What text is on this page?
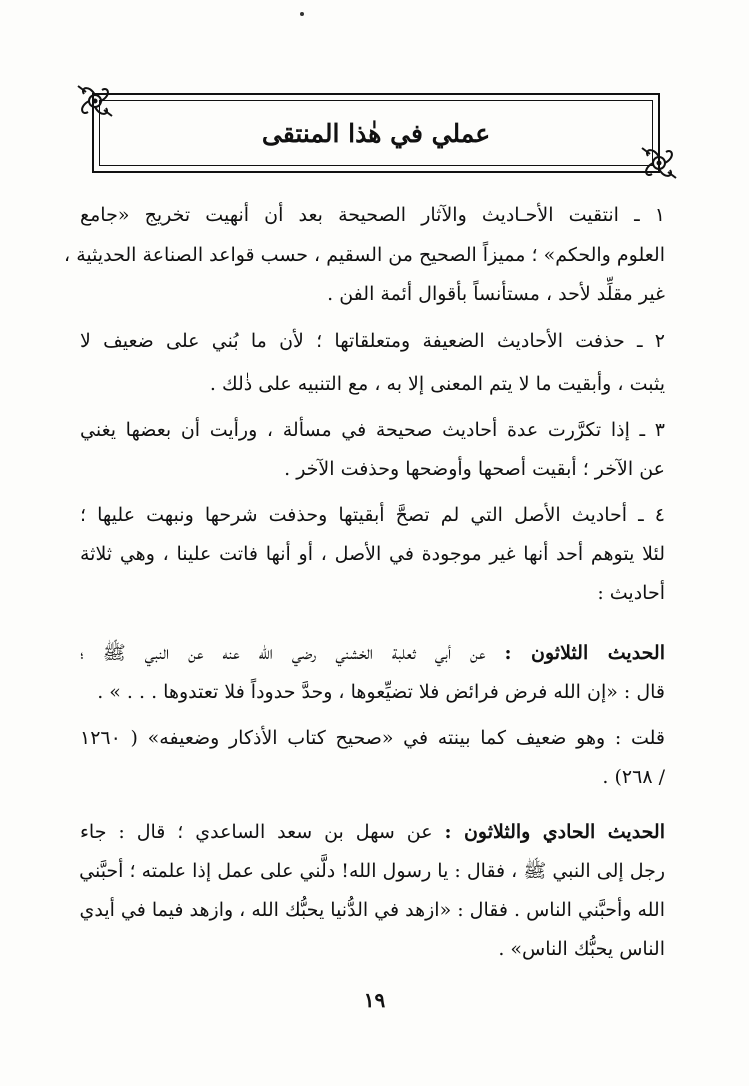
عملي في هٰذا المنتقى
١ ـ انتقيت الأحـاديث والآثار الصحيحة بعد أن أنهيت تخريج «جامع
العلوم والحكم» ؛ مميزاً الصحيح من السقيم ، حسب قواعد الصناعة الحديثية ،
غير مقلِّد لأحد ، مستأنساً بأقوال أئمة الفن .
٢ ـ حذفت الأحاديث الضعيفة ومتعلقاتها ؛ لأن ما بُني على ضعيف لا
يثبت ، وأبقيت ما لا يتم المعنى إلا به ، مع التنبيه على ذٰلك .
٣ ـ إذا تكرَّرت عدة أحاديث صحيحة في مسألة ، ورأيت أن بعضها يغني
عن الآخر ؛ أبقيت أصحها وأوضحها وحذفت الآخر .
٤ ـ أحاديث الأصل التي لم تصحَّ أبقيتها وحذفت شرحها ونبهت عليها ؛
لئلا يتوهم أحد أنها غير موجودة في الأصل ، أو أنها فاتت علينا ، وهي ثلاثة
أحاديث :
الحديث الثلاثون : عن أبي ثعلبة الخشني رضي الله عنه عن النبي ﷺ ؛
قال : «إن الله فرض فرائض فلا تضيِّعوها ، وحدَّ حدوداً فلا تعتدوها . . . » .
قلت : وهو ضعيف كما بينته في «صحيح كتاب الأذكار وضعيفه» ( ١٢٦٠
/ ٢٦٨) .
الحديث الحادي والثلاثون : عن سهل بن سعد الساعدي ؛ قال : جاء
رجل إلى النبي ﷺ ، فقال : يا رسول الله! دلَّني على عمل إذا علمته ؛ أحبَّني
الله وأحبَّني الناس . فقال : «ازهد في الدُّنيا يحبُّك الله ، وازهد فيما في أيدي
الناس يحبُّك الناس» .
١٩
